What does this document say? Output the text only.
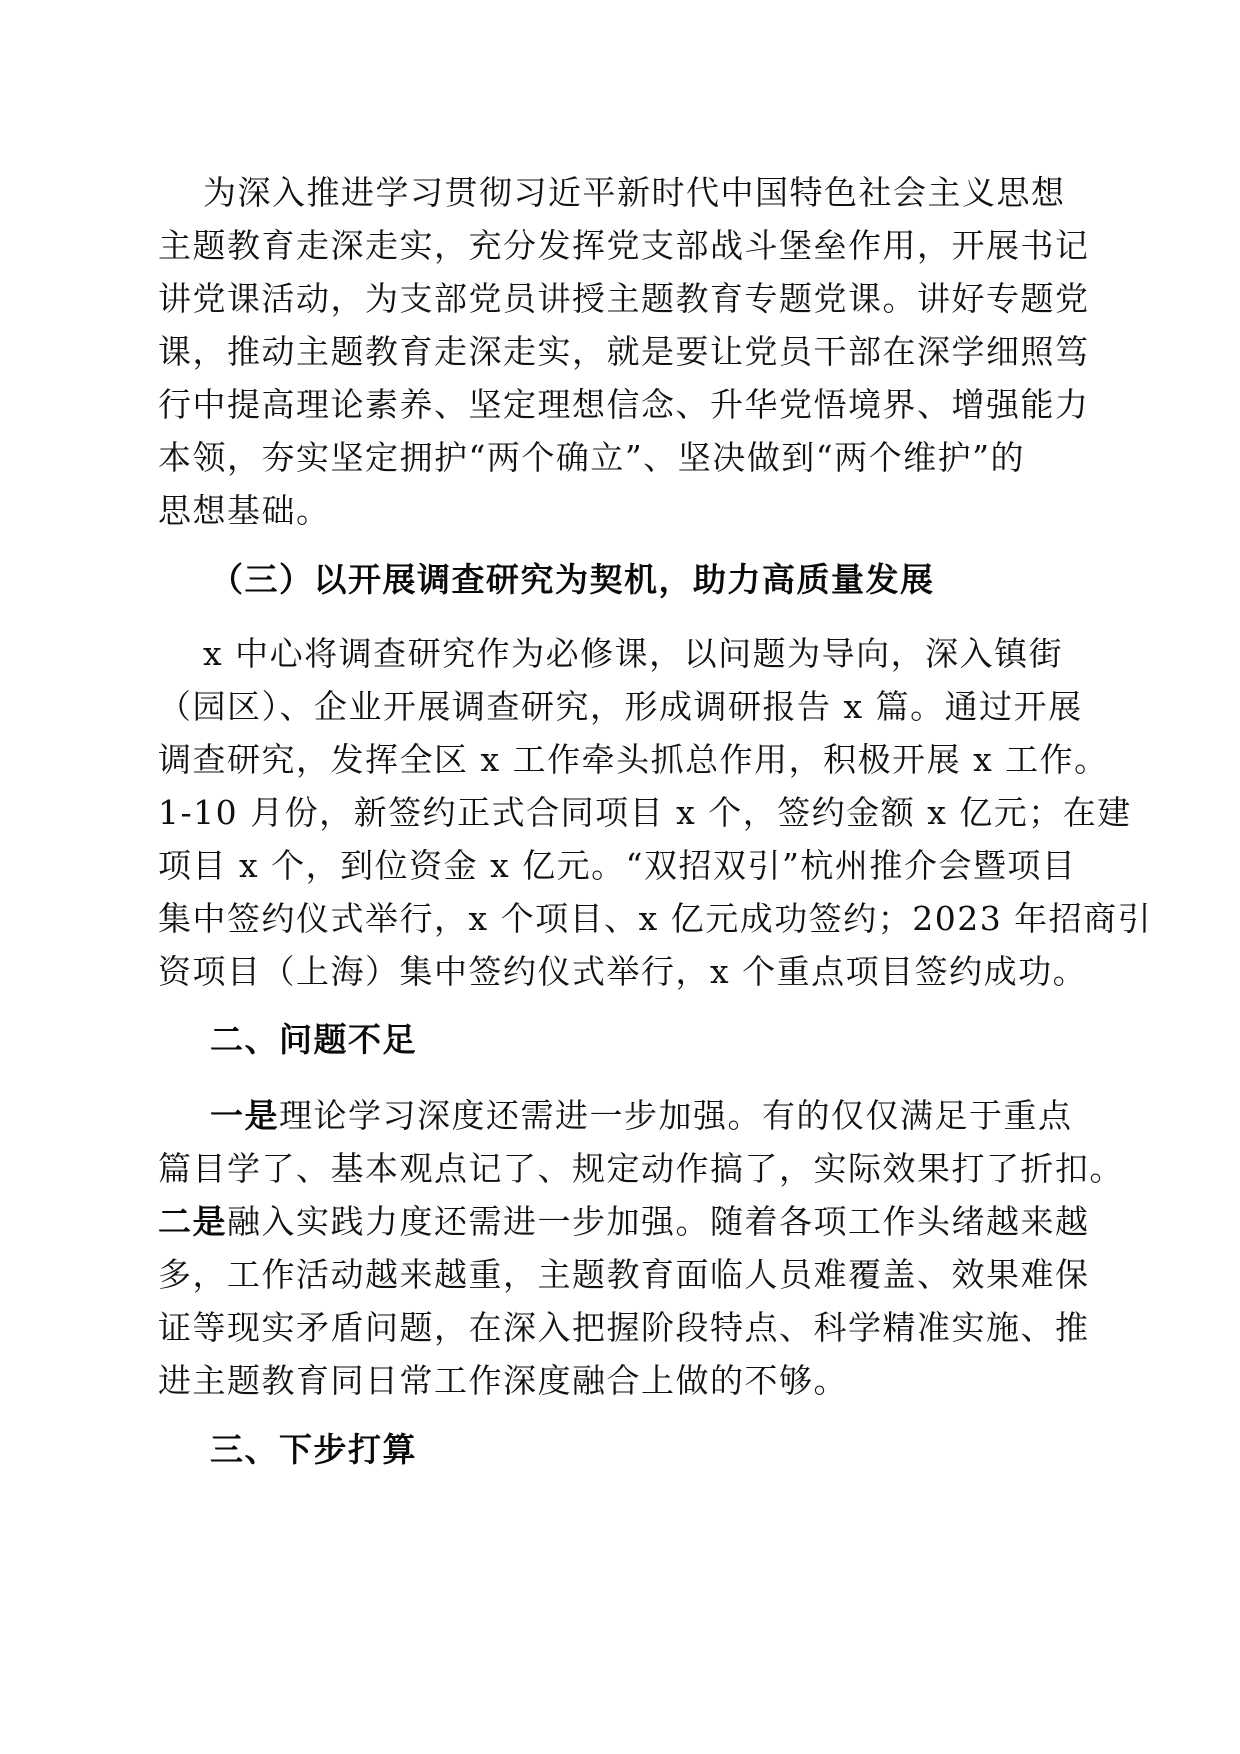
为深入推进学习贯彻习近平新时代中国特色社会主义思想
主题教育走深走实，充分发挥党支部战斗堡垒作用，开展书记
讲党课活动，为支部党员讲授主题教育专题党课。讲好专题党
课，推动主题教育走深走实，就是要让党员干部在深学细照笃
行中提高理论素养、坚定理想信念、升华党悟境界、增强能力
本领，夯实坚定拥护“两个确立”、坚决做到“两个维护”的
思想基础。
（三）以开展调查研究为契机，助力高质量发展
x 中心将调查研究作为必修课，以问题为导向，深入镇街
（园区）、企业开展调查研究，形成调研报告 x 篇。通过开展
调查研究，发挥全区 x 工作牵头抓总作用，积极开展 x 工作。
1-10 月份，新签约正式合同项目 x 个，签约金额 x 亿元；在建
项目 x 个，到位资金 x 亿元。“双招双引”杭州推介会暨项目
集中签约仪式举行，x 个项目、x 亿元成功签约；2023 年招商引
资项目（上海）集中签约仪式举行，x 个重点项目签约成功。
二、问题不足
一是理论学习深度还需进一步加强。有的仅仅满足于重点
篇目学了、基本观点记了、规定动作搞了，实际效果打了折扣。
二是融入实践力度还需进一步加强。随着各项工作头绪越来越
多，工作活动越来越重，主题教育面临人员难覆盖、效果难保
证等现实矛盾问题，在深入把握阶段特点、科学精准实施、推
进主题教育同日常工作深度融合上做的不够。
三、下步打算
